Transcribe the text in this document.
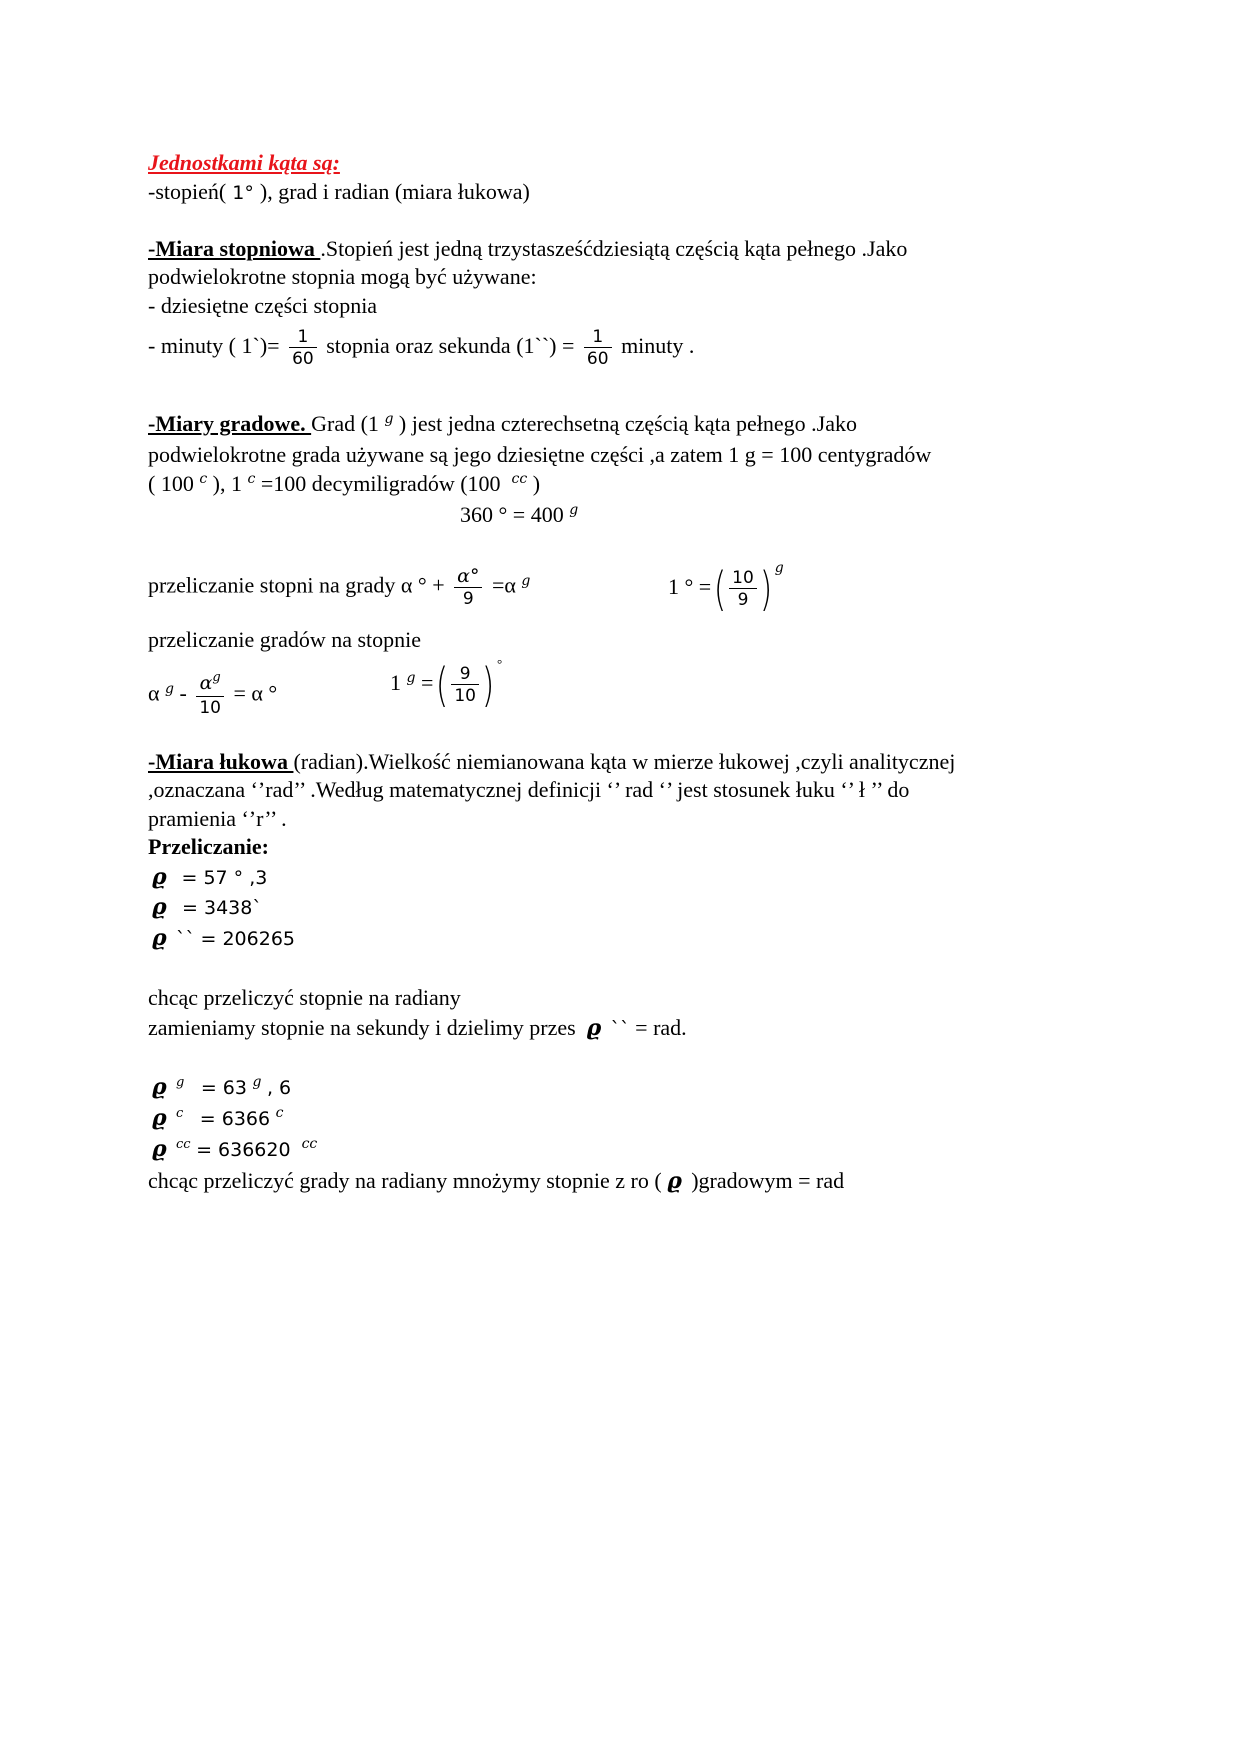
Jednostkami kąta są:
-stopień( 1° ), grad i radian (miara łukowa)
-Miara stopniowa .Stopień jest jedną trzystasześćdziesiątą częścią kąta pełnego .Jako
podwielokrotne stopnia mogą być używane:
- dziesiętne części stopnia
- minuty ( 1`)= $\frac{1}{60}$ stopnia oraz sekunda (1``) = $\frac{1}{60}$ minuty .
-Miary gradowe. Grad (1 $^g$ ) jest jedna czterechsetną częścią kąta pełnego .Jako
podwielokrotne grada używane są jego dziesiętne części ,a zatem 1 g = 100 centygradów
( 100 $^c$ ), 1 $^c$ =100 decymiligradów (100 $^{cc}$ )
360 ° = 400 $^g$
przeliczanie stopni na grady α ° + $\frac{\alpha^\circ}{9} =\alpha$ $^g$	1 ° =( $\frac{10}{9}$ ) $^g$
przeliczanie gradów na stopnie
α $^g - \frac{\alpha^g}{10} = \alpha$ °	1 $^g$ =( $\frac{9}{10}$ ) °
-Miara łukowa (radian).Wielkość niemianowana kąta w mierze łukowej ,czyli analitycznej
,oznaczana ‘’rad’’ .Według matematycznej definicji ‘’ rad ‘’ jest stosunek łuku ‘’ ł ’’ do
pramienia ‘’r’’ .
Przeliczanie:
ϱ = 57 ° ,3
ϱ = 3438`
ϱ `` = 206265
chcąc przeliczyć stopnie na radiany
zamieniamy stopnie na sekundy i dzielimy przes ϱ `` = rad.
ϱ $^g$ = 63 $^g$ , 6
ϱ $^c$ = 6366 $^c$
ϱ $^{cc}$ = 636620 $^{cc}$
chcąc przeliczyć grady na radiany mnożymy stopnie z ro ( ϱ )gradowym = rad
